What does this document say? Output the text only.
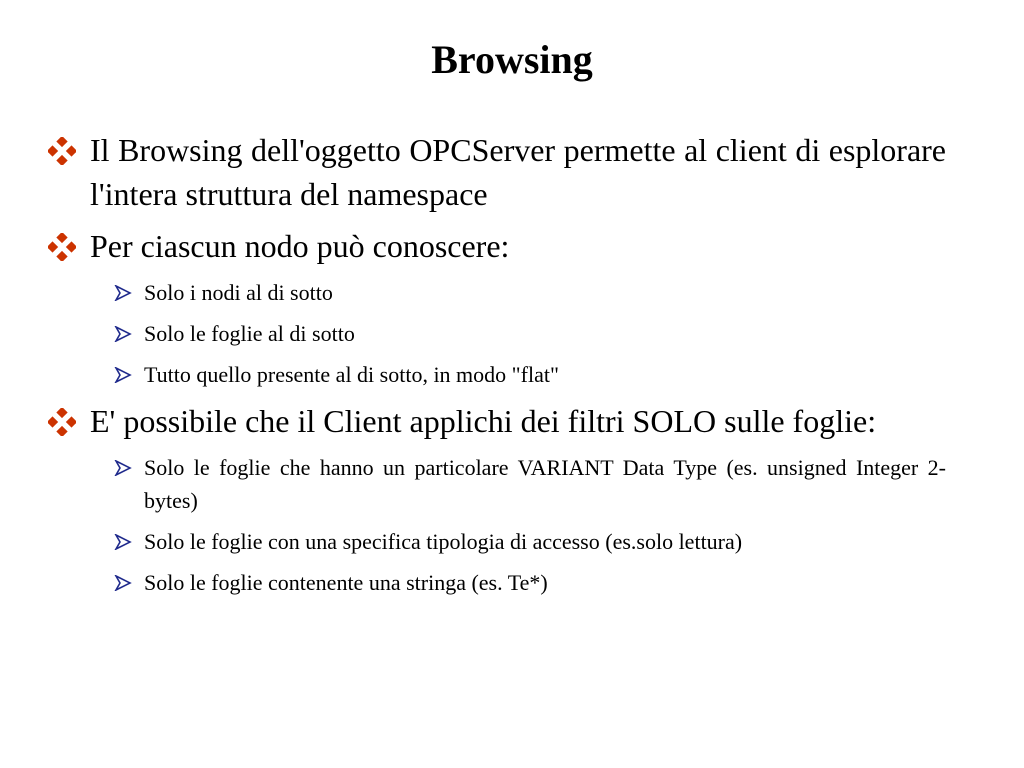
Browsing
Il Browsing dell'oggetto OPCServer permette al client di esplorare l'intera struttura del namespace
Per ciascun nodo può conoscere:
Solo i nodi al di sotto
Solo le foglie al di sotto
Tutto quello presente al di sotto, in modo "flat"
E' possibile che il Client applichi dei filtri SOLO sulle foglie:
Solo le foglie che hanno un particolare VARIANT Data Type (es. unsigned Integer 2-bytes)
Solo le foglie con una specifica tipologia di accesso (es.solo lettura)
Solo le foglie contenente una stringa (es. Te*)
